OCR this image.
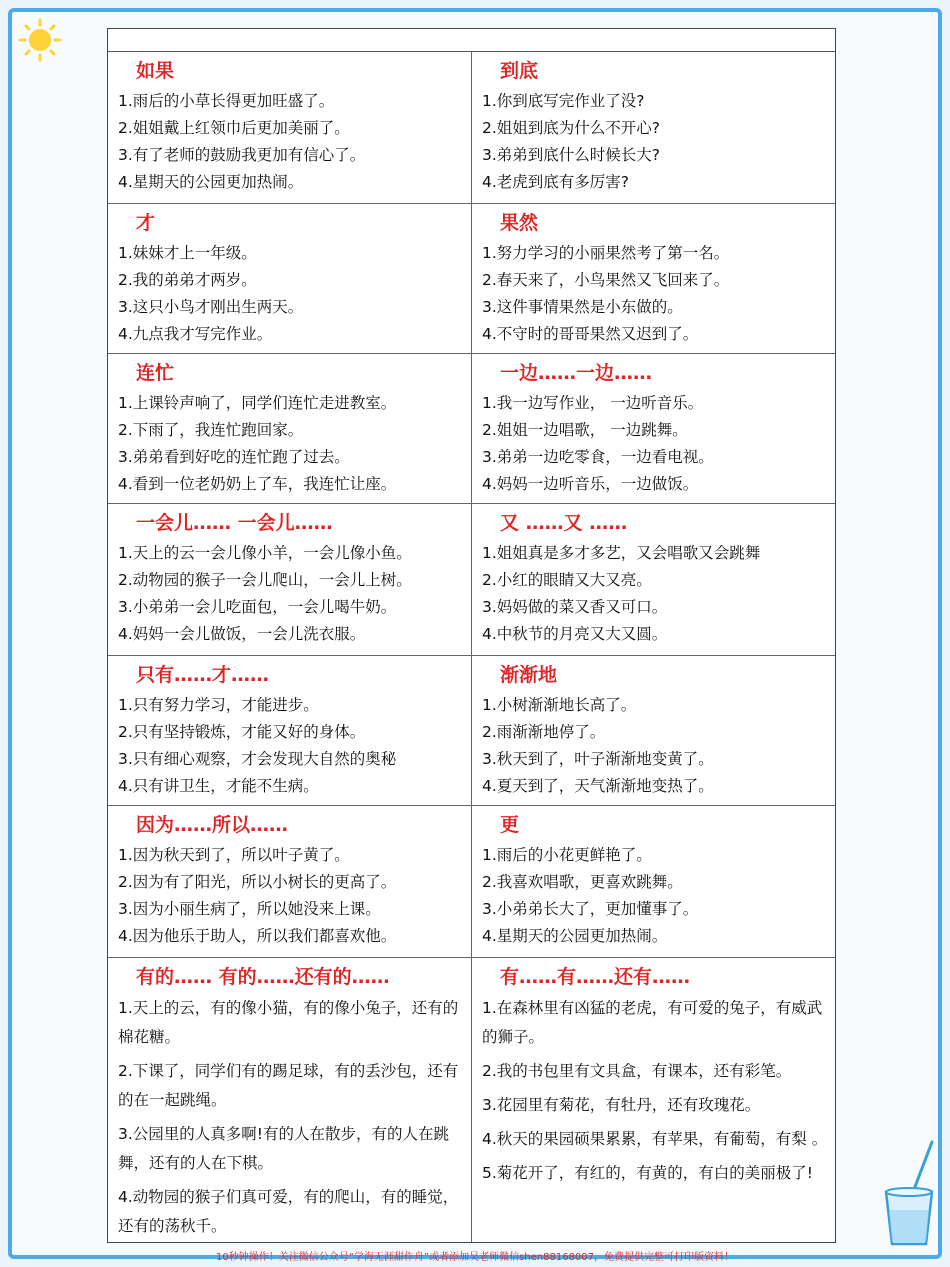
如果
1.雨后的小草长得更加旺盛了。
2.姐姐戴上红领巾后更加美丽了。
3.有了老师的鼓励我更加有信心了。
4.星期天的公园更加热闹。
到底
1.你到底写完作业了没?
2.姐姐到底为什么不开心?
3.弟弟到底什么时候长大?
4.老虎到底有多厉害?
才
1.妹妹才上一年级。
2.我的弟弟才两岁。
3.这只小鸟才刚出生两天。
4.九点我才写完作业。
果然
1.努力学习的小丽果然考了第一名。
2.春天来了，小鸟果然又飞回来了。
3.这件事情果然是小东做的。
4.不守时的哥哥果然又迟到了。
连忙
1.上课铃声响了，同学们连忙走进教室。
2.下雨了，我连忙跑回家。
3.弟弟看到好吃的连忙跑了过去。
4.看到一位老奶奶上了车，我连忙让座。
一边……一边……
1.我一边写作业， 一边听音乐。
2.姐姐一边唱歌， 一边跳舞。
3.弟弟一边吃零食，一边看电视。
4.妈妈一边听音乐，一边做饭。
一会儿…… 一会儿……
1.天上的云一会儿像小羊，一会儿像小鱼。
2.动物园的猴子一会儿爬山，一会儿上树。
3.小弟弟一会儿吃面包，一会儿喝牛奶。
4.妈妈一会儿做饭，一会儿洗衣服。
又 ……又 ……
1.姐姐真是多才多艺，又会唱歌又会跳舞
2.小红的眼睛又大又亮。
3.妈妈做的菜又香又可口。
4.中秋节的月亮又大又圆。
只有……才……
1.只有努力学习，才能进步。
2.只有坚持锻炼，才能又好的身体。
3.只有细心观察，才会发现大自然的奥秘
4.只有讲卫生，才能不生病。
渐渐地
1.小树渐渐地长高了。
2.雨渐渐地停了。
3.秋天到了，叶子渐渐地变黄了。
4.夏天到了，天气渐渐地变热了。
因为……所以……
1.因为秋天到了，所以叶子黄了。
2.因为有了阳光，所以小树长的更高了。
3.因为小丽生病了，所以她没来上课。
4.因为他乐于助人，所以我们都喜欢他。
更
1.雨后的小花更鲜艳了。
2.我喜欢唱歌，更喜欢跳舞。
3.小弟弟长大了，更加懂事了。
4.星期天的公园更加热闹。
有的…… 有的……还有的……
1.天上的云，有的像小猫，有的像小兔子，还有的棉花糖。
2.下课了，同学们有的踢足球，有的丢沙包，还有的在一起跳绳。
3.公园里的人真多啊!有的人在散步，有的人在跳舞，还有的人在下棋。
4.动物园的猴子们真可爱，有的爬山，有的睡觉，还有的荡秋千。
有……有……还有……
1.在森林里有凶猛的老虎，有可爱的兔子，有威武的狮子。
2.我的书包里有文具盒，有课本，还有彩笔。
3.花园里有菊花，有牡丹，还有玫瑰花。
4.秋天的果园硕果累累，有苹果，有葡萄，有梨 。
5.菊花开了，有红的，有黄的，有白的美丽极了!
10秒钟操作！关注微信公众号“学海无涯甜作舟”或者添加吴老师微信shen88168007，免费提供完整可打印版资料！
